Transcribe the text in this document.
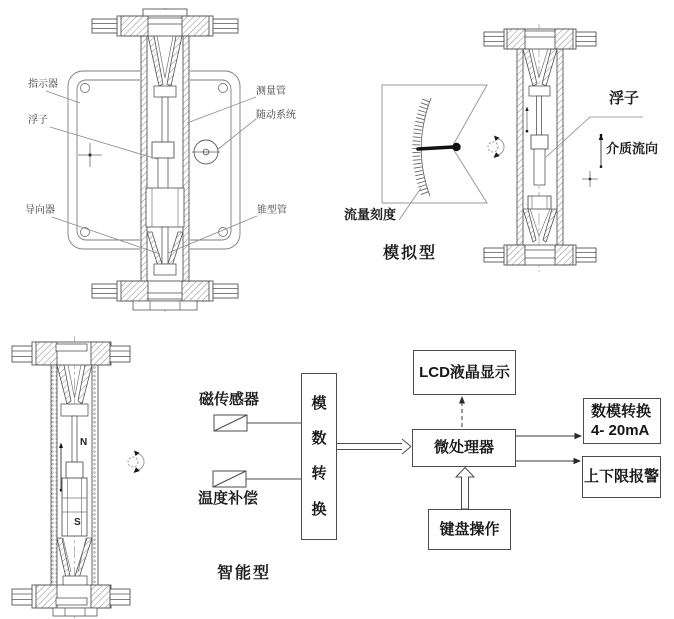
指示器
浮子
导向器
测量管
随动系统
锥型管	流量刻度
模拟型
浮子
介质流向
N
S
磁传感器
温度补偿
智能型
模
数
转
换
LCD液晶显示
微处理器
键盘操作
数模转换
4- 20mA
上下限报警
